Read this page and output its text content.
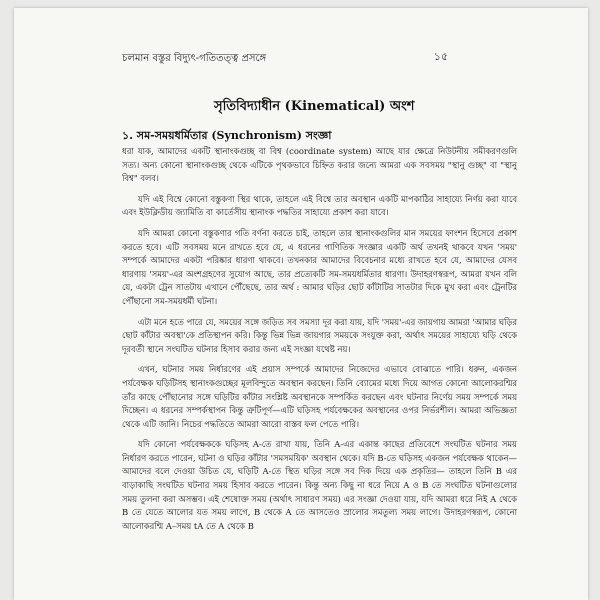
চলমান বস্তুর বিদ্যুৎ-গতিতত্ত্ব প্রসঙ্গে	১৫
সৃতিবিদ্যাধীন (Kinematical) অংশ
১. সম-সময়ধর্মিতার (Synchronism) সংজ্ঞা

ধরা যাক, আমাদের একটি স্থানাংকগুচ্ছ বা বিশ্ব (coordinate system) আছে যার ক্ষেত্রে নিউটনীয় সমীকরণগুলি সত্য। অন্য কোনো স্থানাংকগুচ্ছ থেকে এটিকে পৃথকভাবে চিহ্নিত করার জন্যে আমরা এক সবসময় "স্থানু গুচ্ছ" বা "স্থানু বিশ্ব" বলব।

যদি এই বিশ্বে কোনো বস্তুকণা স্থির থাকে, তাহলে এই বিশ্বে তার অবস্থান একটি মাপকাঠির সাহায্যে নির্ণয় করা যাবে এবং ইউক্লিডীয় জ্যামিতি বা কার্তেসীয় স্থানাংক পদ্ধতির সাহায্যে প্রকাশ করা যাবে।

যদি আমরা কোনো বস্তুকণার গতি বর্ণনা করতে চাই, তাহলে তার স্থানাংকগুলির মান সময়ের ফাংশন হিসেবে প্রকাশ করতে হবে। এটি সবসময় মনে রাখতে হবে যে, এ ধরনের গাণিতিক সংজ্ঞার একটি অর্থ তখনই থাকবে যখন 'সময়' সম্পর্কে আমাদের একটা পরিষ্কার ধারণা থাকবে। তখনকার আমাদের বিবেচনার মধ্যে রাখতে হবে যে, আমাদের যেসব ধারণায় 'সময়'-এর অংশগ্রহণের সুযোগ আছে, তার প্রত্যেকটি সম-সময়ধর্মিতার ধারণা। উদাহরণস্বরূপ, আমরা যখন বলি যে, একটা ট্রেন সাতটায় এখানে পৌঁছেছে, তার অর্থ : আমার ঘড়ির ছোট কাঁটাটির সাতটার দিকে মুখ করা এবং ট্রেনটির পৌঁছানো সম-সময়ধর্মী ঘটনা।

এটা মনে হতে পারে যে, সময়ের সঙ্গে জড়িত সব সমস্যা দূর করা যায়, যদি 'সময়'-এর জায়গায় আমরা 'আমার ঘড়ির ছোট কাঁটার অবস্থা'কে প্রতিস্থাপন করি। কিন্তু ভিন্ন ভিন্ন জায়গার সময়কে সংযুক্ত করা, অর্থাৎ সময়ের সাহায্যে ঘড়ি থেকে দূরবর্তী স্থানে সংঘটিত ঘটনার হিসাব করার জন্য এই সংজ্ঞা যথেষ্ট নয়।

এখন, ঘটনার সময় নির্ধারণের এই প্রয়াস সম্পর্কে আমাদের নিজেদের এভাবে বোঝাতে পারি। ধরুন, একজন পর্যবেক্ষক ঘড়িটিসহ স্থানাংকগুচ্ছের মূলবিন্দুতে অবস্থান করছেন। তিনি ব্যোমের মধ্যে দিয়ে আগত কোনো আলোকরশ্মির তাঁর কাছে পৌঁছানোর সঙ্গে ঘড়িটির কাঁটার সংশ্লিষ্ট অবস্থানকে সম্পর্কিত করছেন এবং ঘটনার নির্ণেয় সময় সম্পর্কে সময় দিচ্ছেন। এ ধরনের সম্পর্কস্থাপন কিন্তু ত্রুটিপূর্ণ—এটি ঘড়িসহ পর্যবেক্ষকের অবস্থানের ওপর নির্ভরশীল। আমরা অভিজ্ঞতা থেকে এটি জানি। নিচের পদ্ধতিতে আমরা আরো বাস্তব ফল পেতে পারি।

যদি কোনো পর্যবেক্ষককে ঘড়িসহ A-তে রাখা যায়, তিনি A-এর একান্ত কাছের প্রতিবেশে সংঘটিত ঘটনার সময় নির্ধারণ করতে পারেন, ঘটনা ও ঘড়ির কাঁটার 'সমসময়িক' অবস্থান থেকে। যদি B-তে ঘড়িসহ একজন পর্যবেক্ষক থাকেন—আমাদের বলে দেওয়া উচিত যে, ঘড়িটি A-তে স্থিত ঘড়ির সঙ্গে সব দিক দিয়ে এক প্রকৃতির— তাহলে তিনি B এর বাড়াকাছি সংঘটিত ঘটনার সময় হিসাব করতে পারেন। কিন্তু অন্য কিছু না ধরে নিয়ে A ও B তে সংঘটিত ঘটনাগুলোর সময় তুলনা করা অসম্ভব। এই শেষোক্ত সময় (অর্থাৎ সাধারণ সময়) এর সংজ্ঞা দেওয়া যায়, যদি আমরা ধরে নিই A থেকে B তে যেতে আলোর যত সময় লাগে, B থেকে A তে আসতেও স্রালোর সমতুল্য সময় লাগে। উদাহরণস্বরূপ, কোনো আলোকরশ্মি A–সময় tA তে A থেকে B
